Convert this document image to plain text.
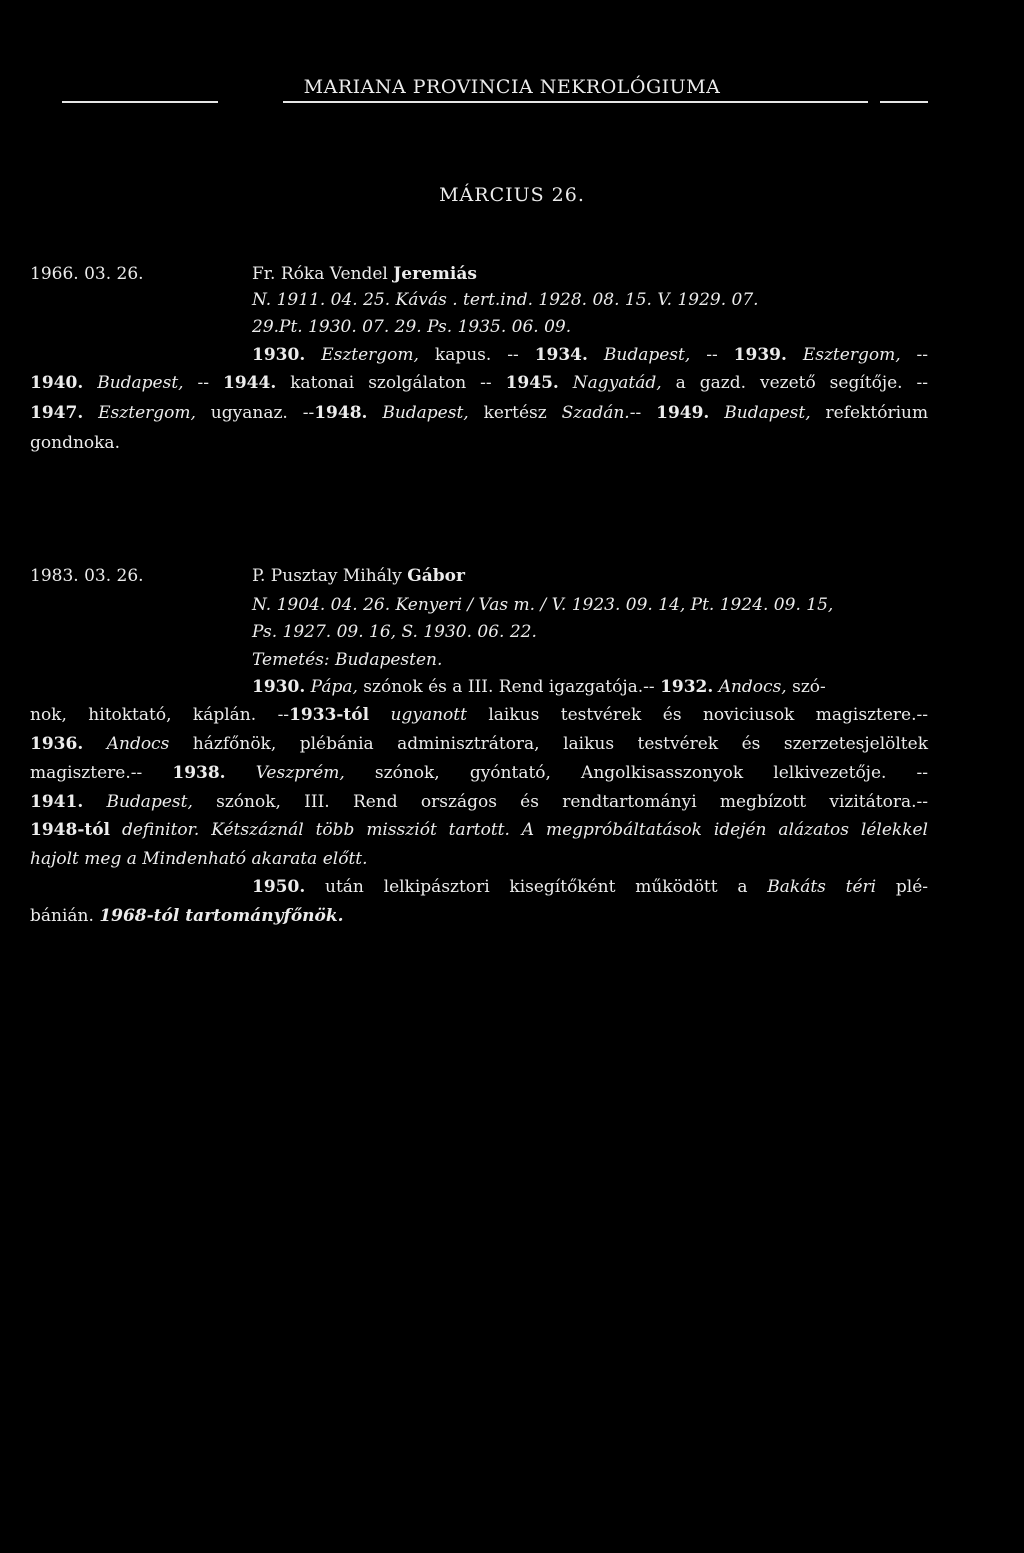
MARIANA PROVINCIA NEKROLÓGIUMA
MÁRCIUS 26.
1966. 03. 26.	Fr. Róka Vendel Jeremiás
N. 1911. 04. 25. Kávás . tert.ind. 1928. 08. 15. V. 1929. 07.
29.Pt. 1930. 07. 29. Ps. 1935. 06. 09.
1930. Esztergom, kapus. -- 1934. Budapest, -- 1939. Esztergom, --
1940. Budapest, -- 1944. katonai szolgálaton -- 1945. Nagyatád, a gazd. vezető segítője. --
1947. Esztergom, ugyanaz. --1948. Budapest, kertész Szadán.-- 1949. Budapest, refektórium
gondnoka.
1983. 03. 26.	P. Pusztay Mihály Gábor
N. 1904. 04. 26. Kenyeri / Vas m. / V. 1923. 09. 14, Pt. 1924. 09. 15,
Ps. 1927. 09. 16, S. 1930. 06. 22.
Temetés: Budapesten.
1930. Pápa, szónok és a III. Rend igazgatója.-- 1932. Andocs, szó-
nok, hitoktató, káplán. --1933-tól ugyanott laikus testvérek és noviciusok magisztere.--
1936. Andocs házfőnök, plébánia adminisztrátora, laikus testvérek és szerzetesjelöltek
magisztere.-- 1938. Veszprém, szónok, gyóntató, Angolkisasszonyok lelkivezetője. --
1941. Budapest, szónok, III. Rend országos és rendtartományi megbízott vizitátora.--
1948-tól definitor. Kétszáznál több missziót tartott. A megpróbáltatások idején alázatos lélekkel
hajolt meg a Mindenható akarata előtt.
1950. után lelkipásztori kisegítőként működött a Bakáts téri plé-
bánián. 1968-tól tartományfőnök.
